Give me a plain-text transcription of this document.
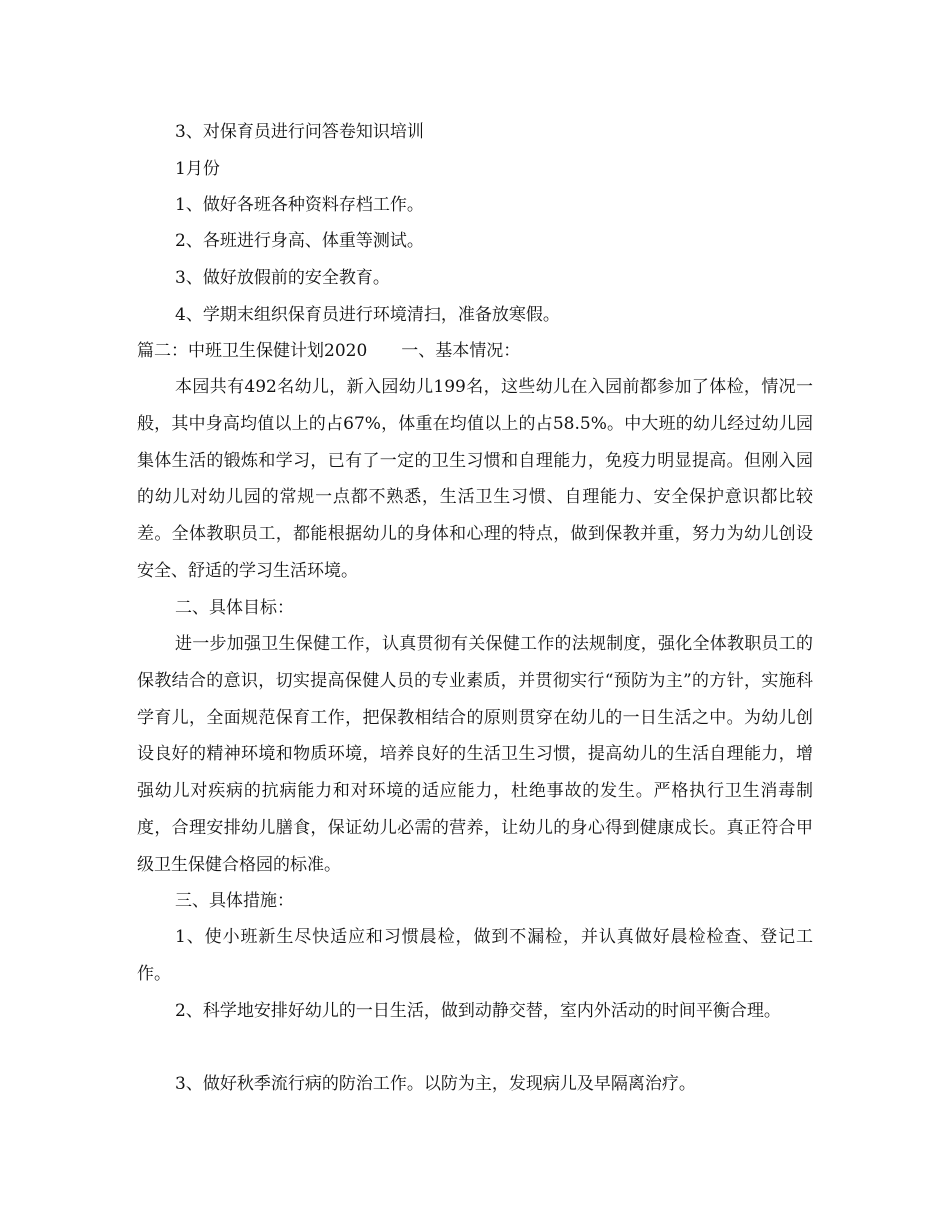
3、对保育员进行问答卷知识培训
1月份
1、做好各班各种资料存档工作。
2、各班进行身高、体重等测试。
3、做好放假前的安全教育。
4、学期末组织保育员进行环境清扫，准备放寒假。
篇二：中班卫生保健计划2020　　一、基本情况：

本园共有492名幼儿，新入园幼儿199名，这些幼儿在入园前都参加了体检，情况一般，其中身高均值以上的占67%，体重在均值以上的占58.5%。中大班的幼儿经过幼儿园集体生活的锻炼和学习，已有了一定的卫生习惯和自理能力，免疫力明显提高。但刚入园的幼儿对幼儿园的常规一点都不熟悉，生活卫生习惯、自理能力、安全保护意识都比较差。全体教职员工，都能根据幼儿的身体和心理的特点，做到保教并重，努力为幼儿创设安全、舒适的学习生活环境。

二、具体目标：

进一步加强卫生保健工作，认真贯彻有关保健工作的法规制度，强化全体教职员工的保教结合的意识，切实提高保健人员的专业素质，并贯彻实行“预防为主”的方针，实施科学育儿，全面规范保育工作，把保教相结合的原则贯穿在幼儿的一日生活之中。为幼儿创设良好的精神环境和物质环境，培养良好的生活卫生习惯，提高幼儿的生活自理能力，增强幼儿对疾病的抗病能力和对环境的适应能力，杜绝事故的发生。严格执行卫生消毒制度，合理安排幼儿膳食，保证幼儿必需的营养，让幼儿的身心得到健康成长。真正符合甲级卫生保健合格园的标准。

三、具体措施：

1、使小班新生尽快适应和习惯晨检，做到不漏检，并认真做好晨检检查、登记工作。

2、科学地安排好幼儿的一日生活，做到动静交替，室内外活动的时间平衡合理。

3、做好秋季流行病的防治工作。以防为主，发现病儿及早隔离治疗。
